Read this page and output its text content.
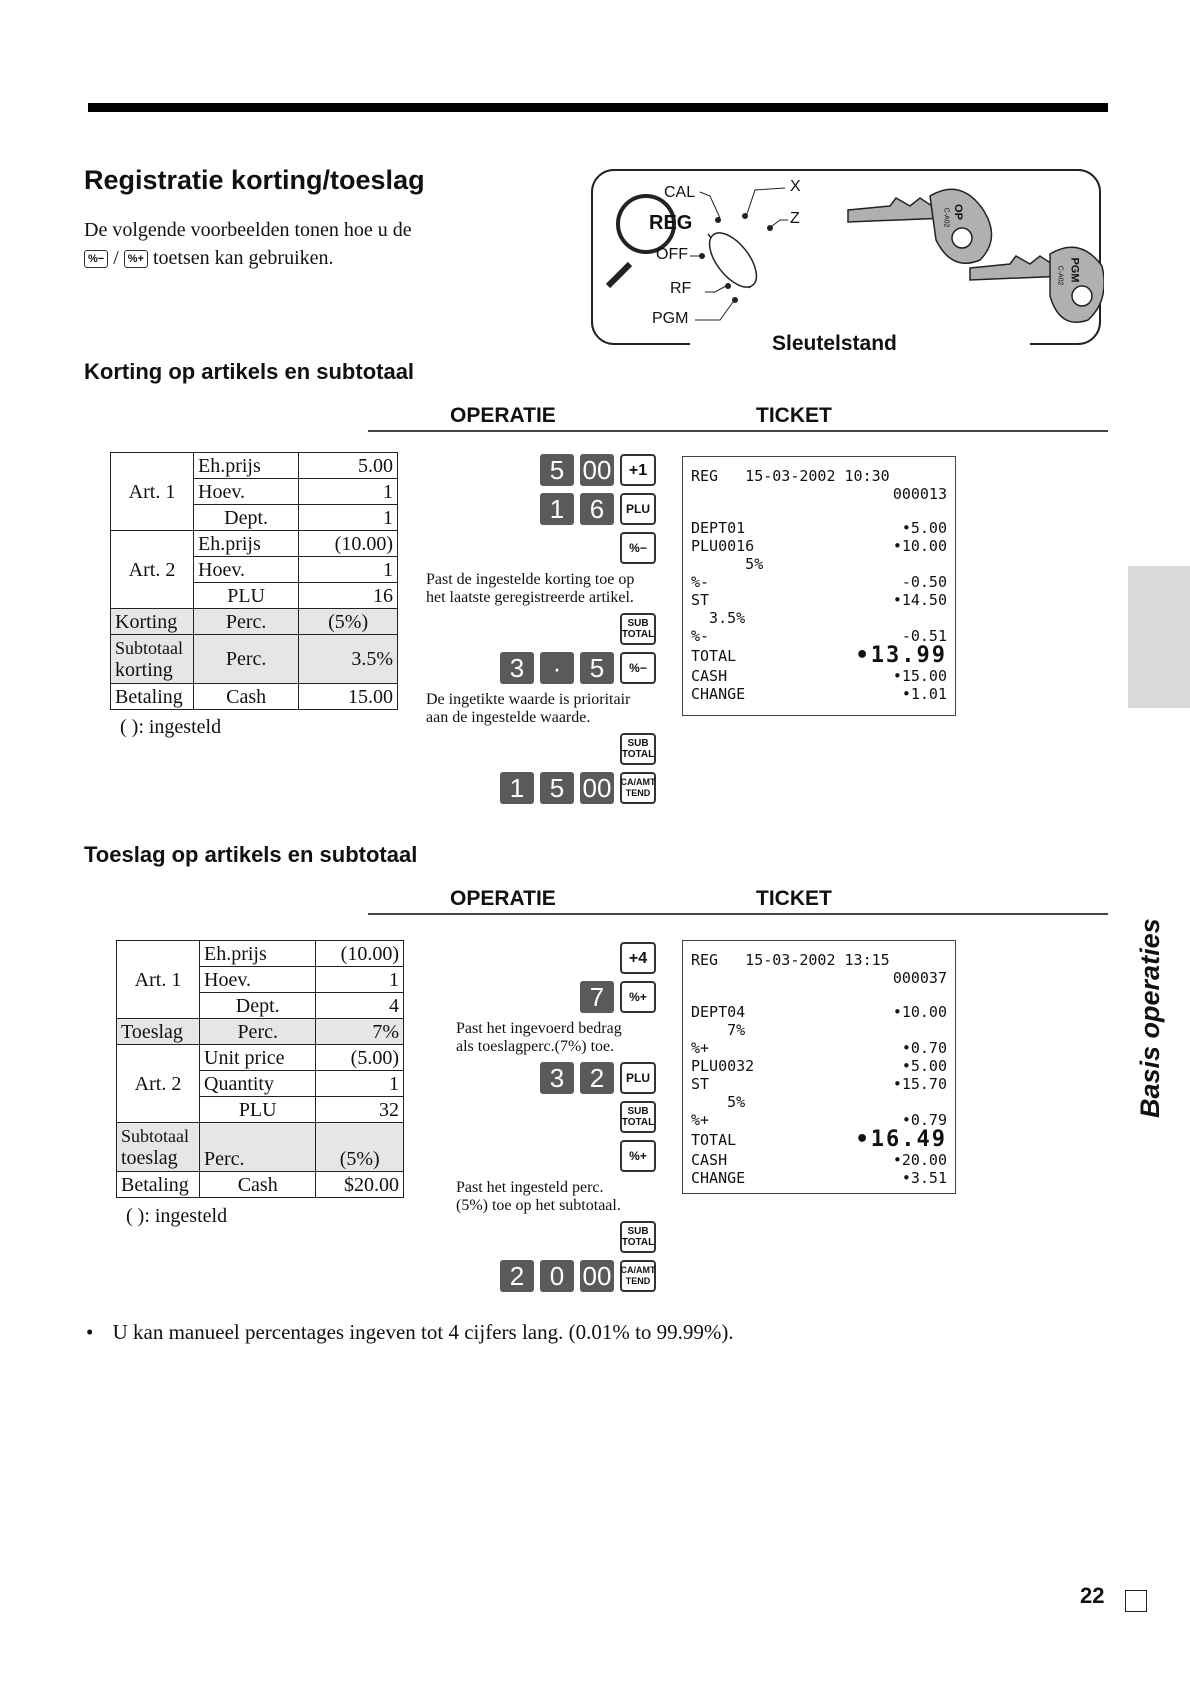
Registratie korting/toeslag
De volgende voorbeelden tonen hoe u de
%− / %+ toetsen kan gebruiken.
CAL
REG
OFF
RF
PGM
X
Z	OP
C-A02
PGM
C-A02
Sleutelstand
Korting op artikels en subtotaal
OPERATIE	TICKET
Art. 1	Eh.prijs	5.00
	Hoev.	1
	Dept.	1
Art. 2	Eh.prijs	(10.00)
	Hoev.	1
	PLU	16
Korting	Perc.	(5%)

Subtotaal
korting	Perc.	3.5%
Betaling	Cash	15.00
( ): ingesteld
5 00	+ 1
1 6	PLU
%−
Past de ingestelde korting toe op
het laatste geregistreerde artikel.
SUB TOTAL
3	·	5	%−
De ingetikte waarde is prioritair
aan de ingestelde waarde.
SUB TOTAL
1 5 00 CA/AMT TEND
REG   15-03-2002 10:30
000013
DEPT01	•5.00
PLU0016	•10.00
5%
%-	-0.50
ST	•14.50
3.5%
%-	-0.51
TOTAL	•13.99
CASH	•15.00
CHANGE	•1.01
Toeslag op artikels en subtotaal
OPERATIE	TICKET
Art. 1	Eh.prijs	(10.00)
	Hoev.	1
	Dept.	4
Toeslag	Perc.	7%
Art. 2	Unit price	(5.00)
	Quantity	1
	PLU	32

Subtotaal
toeslag	Perc.	(5%)
Betaling	Cash	$20.00
( ): ingesteld
+ 4
7	%+
Past het ingevoerd bedrag
als toeslagperc.(7%) toe.
3 2	PLU
SUB TOTAL
%+
Past het ingesteld perc.
(5%) toe op het subtotaal.
SUB TOTAL
2 0 00 CA/AMT TEND
REG   15-03-2002 13:15
000037
DEPT04	•10.00
7%
%+	•0.70
PLU0032	•5.00
ST	•15.70
5%
%+	•0.79
TOTAL	•16.49
CASH	•20.00
CHANGE	•3.51
• U kan manueel percentages ingeven tot 4 cijfers lang. (0.01% to 99.99%).
Basis operaties
22
